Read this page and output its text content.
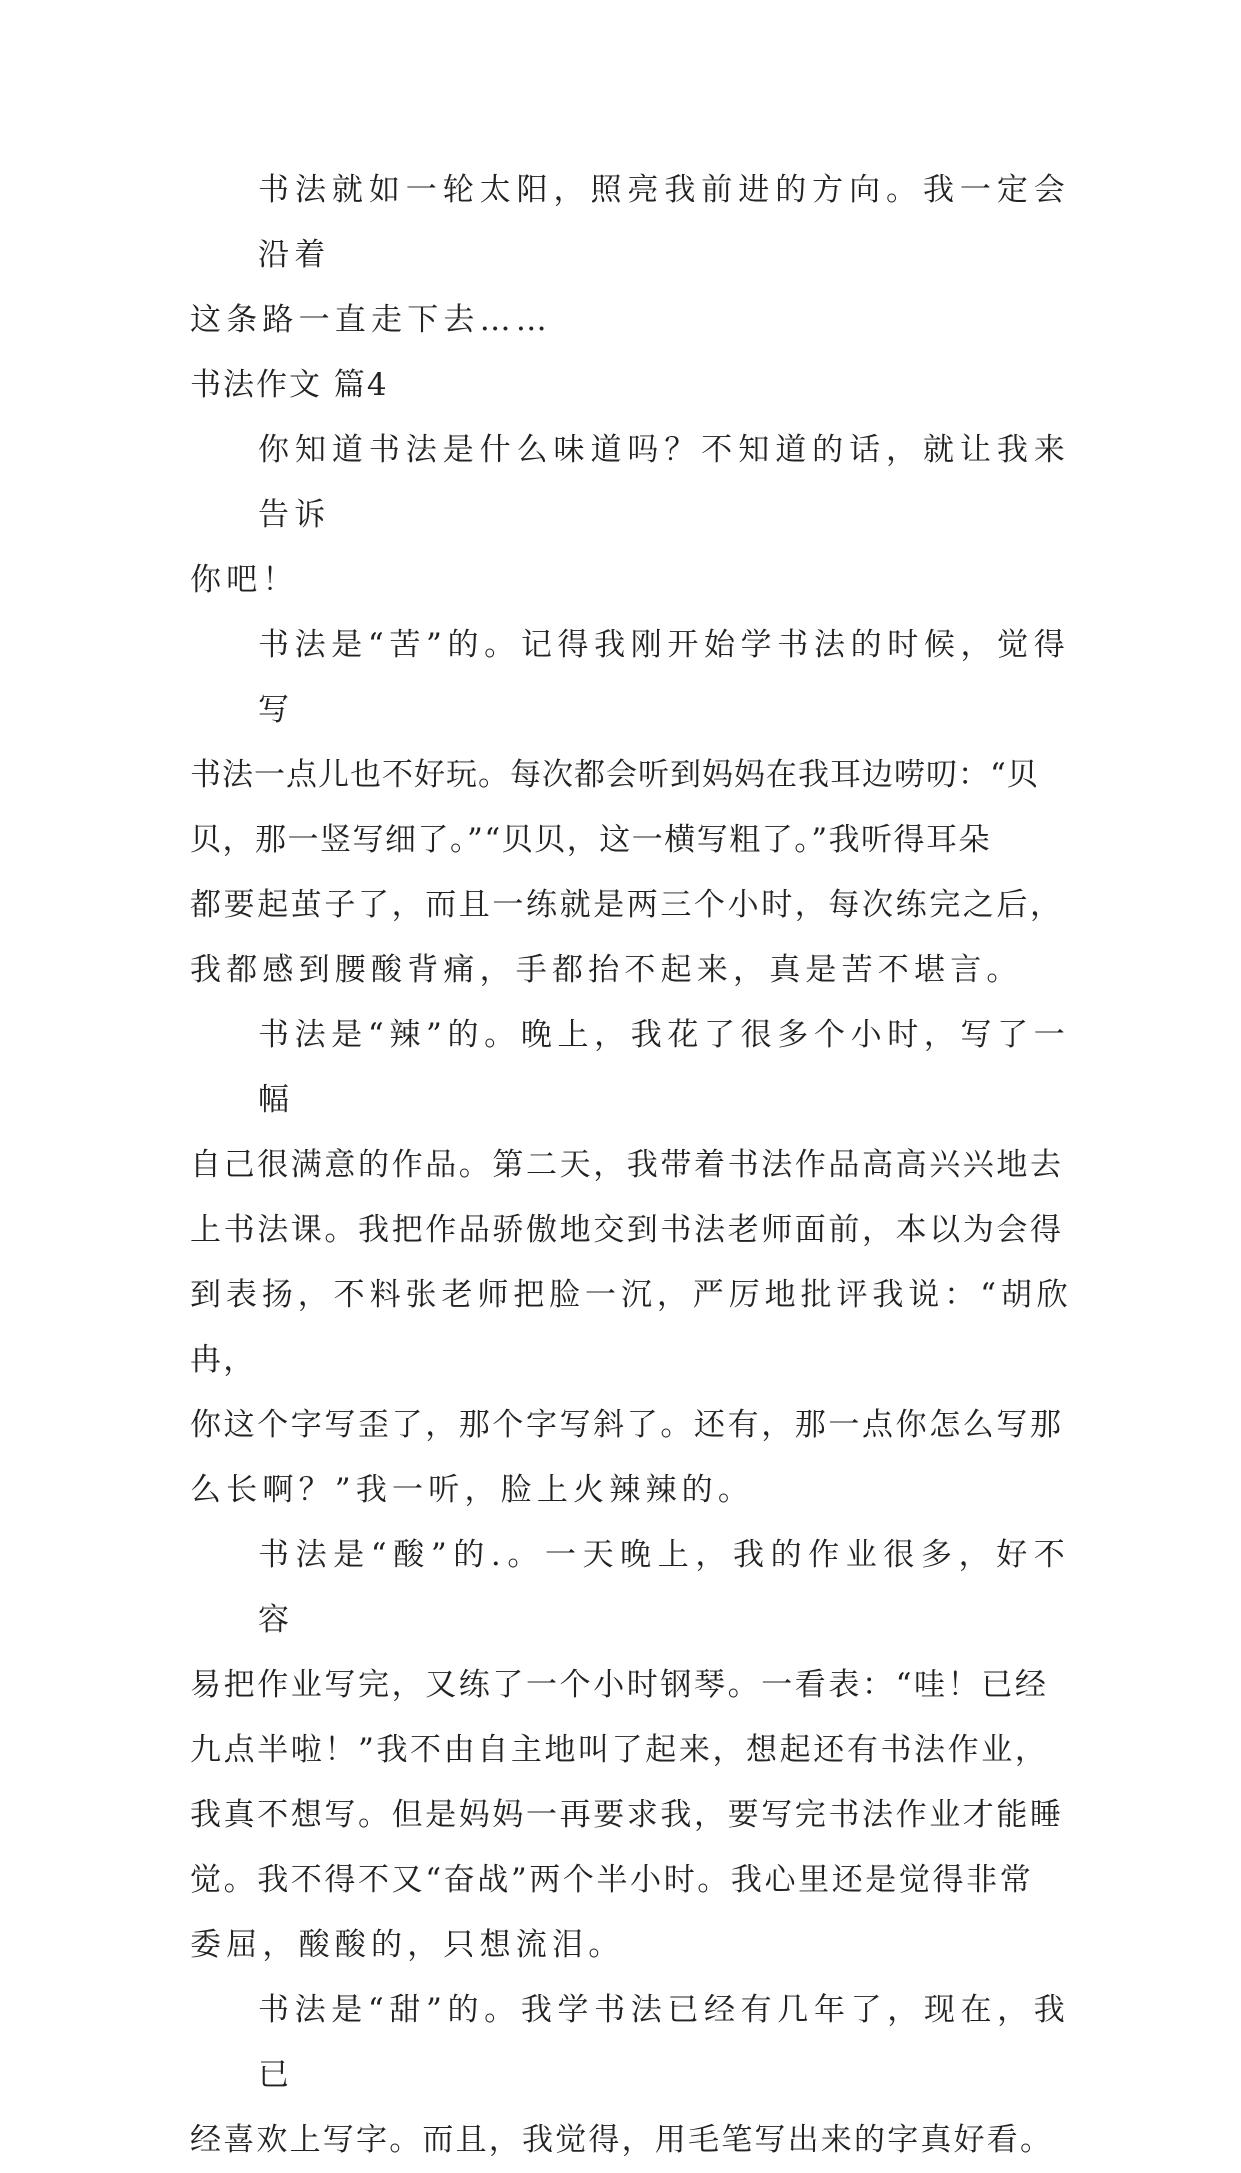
书法就如一轮太阳，照亮我前进的方向。我一定会沿着
这条路一直走下去……

书法作文 篇4

你知道书法是什么味道吗？不知道的话，就让我来告诉
你吧！

书法是“苦”的。记得我刚开始学书法的时候，觉得写
书法一点儿也不好玩。每次都会听到妈妈在我耳边唠叨：“贝
贝，那一竖写细了。”“贝贝，这一横写粗了。”我听得耳朵
都要起茧子了，而且一练就是两三个小时，每次练完之后，
我都感到腰酸背痛，手都抬不起来，真是苦不堪言。

书法是“辣”的。晚上，我花了很多个小时，写了一幅
自己很满意的作品。第二天，我带着书法作品高高兴兴地去
上书法课。我把作品骄傲地交到书法老师面前，本以为会得
到表扬，不料张老师把脸一沉，严厉地批评我说：“胡欣冉，
你这个字写歪了，那个字写斜了。还有，那一点你怎么写那
么长啊？”我一听，脸上火辣辣的。

书法是“酸”的.。一天晚上，我的作业很多，好不容
易把作业写完，又练了一个小时钢琴。一看表：“哇！已经
九点半啦！”我不由自主地叫了起来，想起还有书法作业，
我真不想写。但是妈妈一再要求我，要写完书法作业才能睡
觉。我不得不又“奋战”两个半小时。我心里还是觉得非常
委屈，酸酸的，只想流泪。

书法是“甜”的。我学书法已经有几年了，现在，我已
经喜欢上写字。而且，我觉得，用毛笔写出来的字真好看。
